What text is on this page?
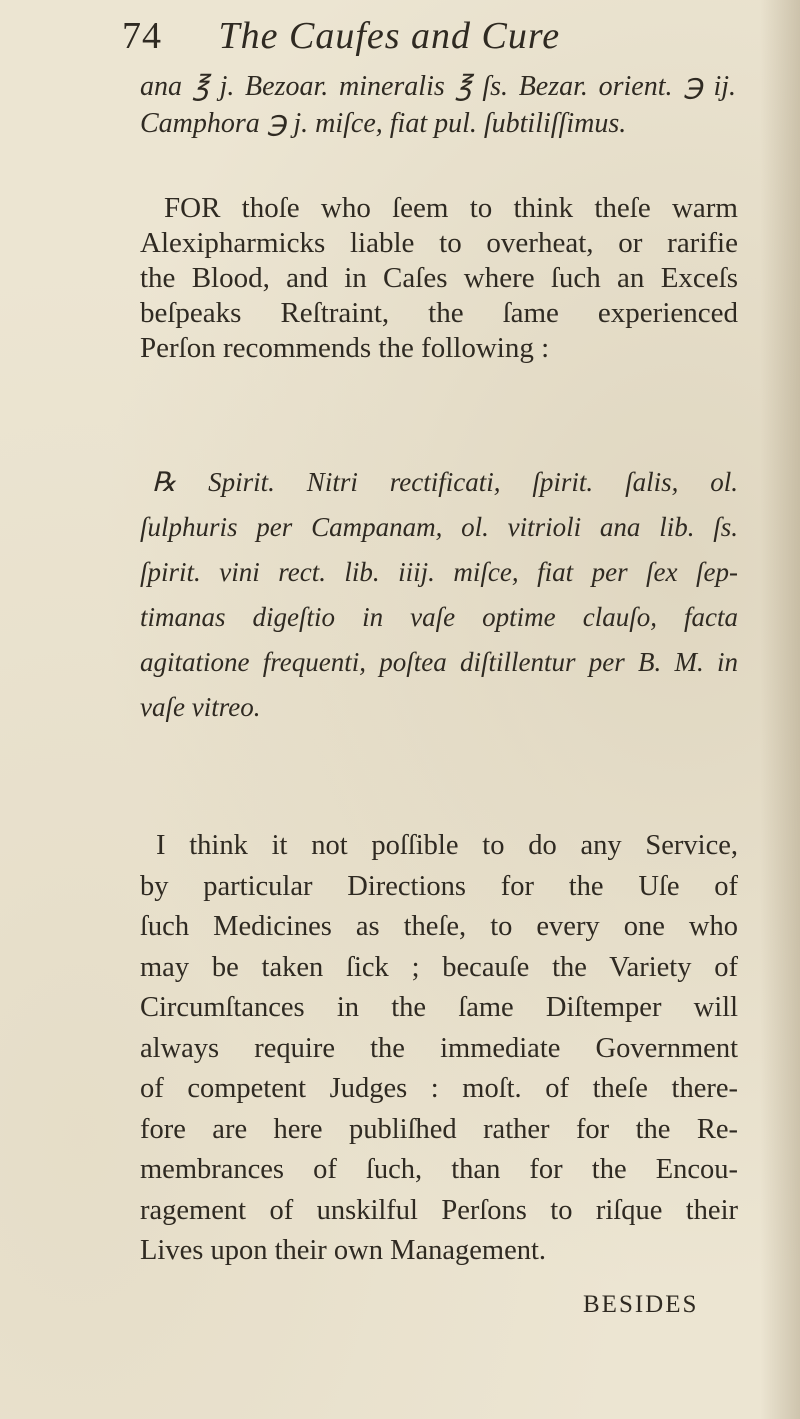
74 The Caufes and Cure
ana ℥ j. Bezoar. mineralis ℥ ſs. Bezar. orient. ℈ ij.
Camphora ℈ j. miſce, fiat pul. ſubtiliſſimus.
FOR thoſe who ſeem to think theſe warm
Alexipharmicks liable to overheat, or rarifie
the Blood, and in Caſes where ſuch an Exceſs
beſpeaks Reſtraint, the ſame experienced
Perſon recommends the following :
℞ Spirit. Nitri rectificati, ſpirit. ſalis, ol.
ſulphuris per Campanam, ol. vitrioli ana lib. ſs.
ſpirit. vini rect. lib. iiij. miſce, fiat per ſex ſep-
timanas digeſtio in vaſe optime clauſo, facta
agitatione frequenti, poſtea diſtillentur per B. M. in
vaſe vitreo.
I think it not poſſible to do any Service,
by particular Directions for the Uſe of
ſuch Medicines as theſe, to every one who
may be taken ſick ; becauſe the Variety of
Circumſtances in the ſame Diſtemper will
always require the immediate Government
of competent Judges : moſt. of theſe there-
fore are here publiſhed rather for the Re-
membrances of ſuch, than for the Encou-
ragement of unskilful Perſons to riſque their
Lives upon their own Management.
BESIDES
